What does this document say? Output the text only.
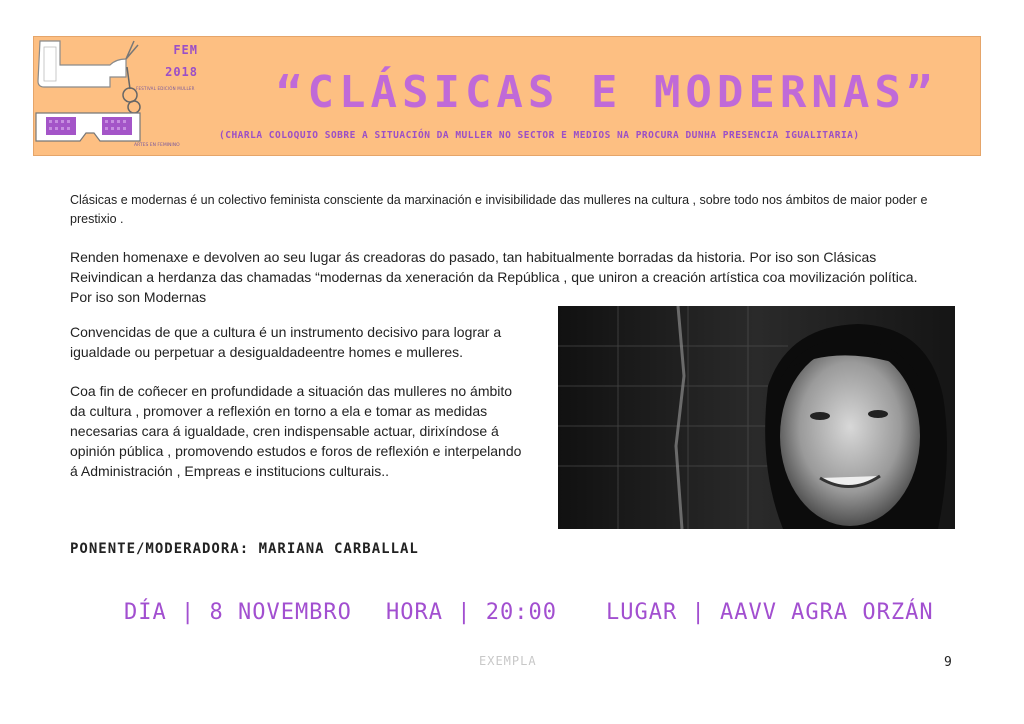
FEM
2018
FESTIVAL EDICIÓN MULLER
ARTES EN FEMININO
“CLÁSICAS E MODERNAS”
(CHARLA COLOQUIO SOBRE A SITUACIÓN DA MULLER NO SECTOR E MEDIOS NA PROCURA DUNHA PRESENCIA IGUALITARIA)

Clásicas e modernas é un colectivo feminista consciente da marxinación e invisibilidade das mulleres na cultura , sobre todo nos ámbitos de maior poder e prestixio .

Renden homenaxe e devolven ao seu lugar ás creadoras do pasado, tan habitualmente borradas da historia. Por iso son Clásicas Reivindican a herdanza das chamadas “modernas da xeneración da República , que uniron a creación artística coa movilización política. Por iso son Modernas

Convencidas de que a cultura é un instrumento decisivo para lograr a igualdade ou perpetuar a desigualdadeentre homes e mulleres.

Coa fin de coñecer en profundidade a situación das mulleres no ámbito da cultura , promover a reflexión en torno a ela e tomar as medidas necesarias cara á igualdade, cren indispensable actuar, dirixíndose á opinión pública , promovendo estudos e foros de reflexión e interpelando á Administración , Empreas e institucions culturais..

PONENTE/MODERADORA: MARIANA CARBALLAL
DÍA | 8 NOVEMBRO HORA | 20:00 LUGAR | AAVV AGRA ORZÁN
EXEMPLA	9
